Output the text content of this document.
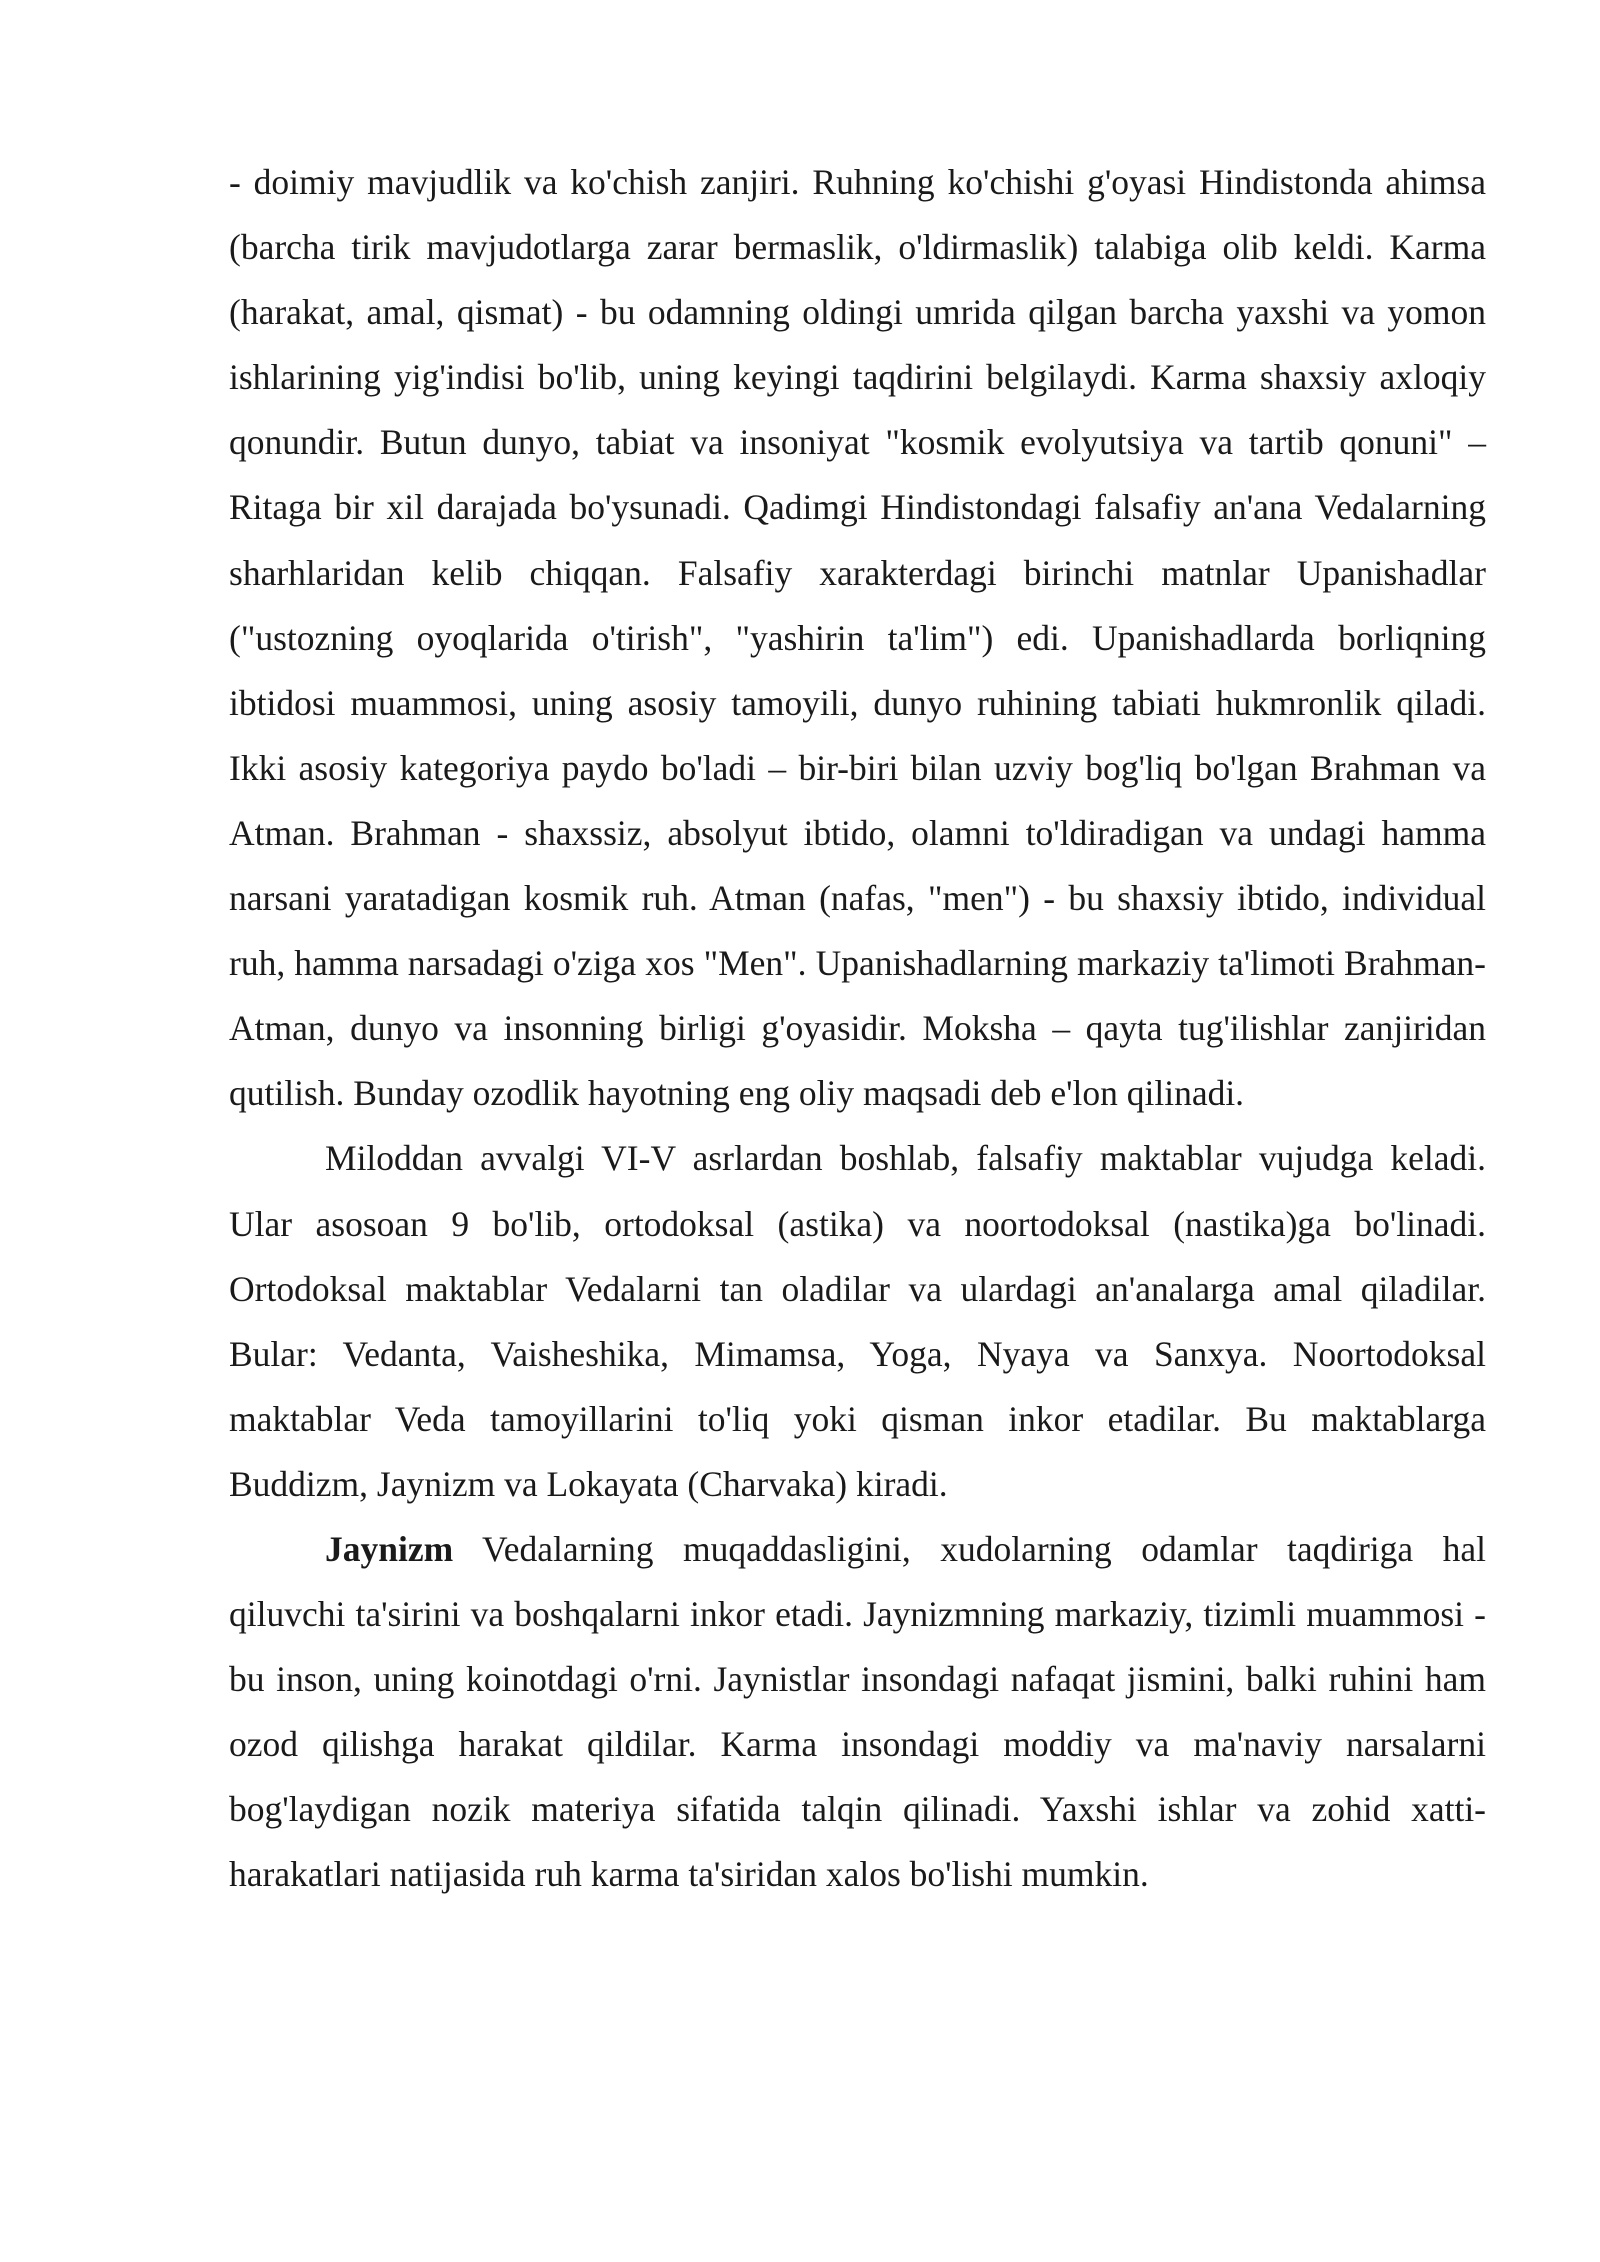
- doimiy mavjudlik va ko'chish zanjiri. Ruhning ko'chishi g'oyasi Hindistonda ahimsa (barcha tirik mavjudotlarga zarar bermaslik, o'ldirmaslik) talabiga olib keldi. Karma (harakat, amal, qismat) - bu odamning oldingi umrida qilgan barcha yaxshi va yomon ishlarining yig'indisi bo'lib, uning keyingi taqdirini belgilaydi. Karma shaxsiy axloqiy qonundir. Butun dunyo, tabiat va insoniyat "kosmik evolyutsiya va tartib qonuni" – Ritaga bir xil darajada bo'ysunadi. Qadimgi Hindistondagi falsafiy an'ana Vedalarning sharhlaridan kelib chiqqan. Falsafiy xarakterdagi birinchi matnlar Upanishadlar ("ustozning oyoqlarida o'tirish", "yashirin ta'lim") edi. Upanishadlarda borliqning ibtidosi muammosi, uning asosiy tamoyili, dunyo ruhining tabiati hukmronlik qiladi. Ikki asosiy kategoriya paydo bo'ladi – bir-biri bilan uzviy bog'liq bo'lgan Brahman va Atman. Brahman - shaxssiz, absolyut ibtido, olamni to'ldiradigan va undagi hamma narsani yaratadigan kosmik ruh. Atman (nafas, "men") - bu shaxsiy ibtido, individual ruh, hamma narsadagi o'ziga xos "Men". Upanishadlarning markaziy ta'limoti Brahman-Atman, dunyo va insonning birligi g'oyasidir. Moksha – qayta tug'ilishlar zanjiridan qutilish. Bunday ozodlik hayotning eng oliy maqsadi deb e'lon qilinadi.

Miloddan avvalgi VI-V asrlardan boshlab, falsafiy maktablar vujudga keladi. Ular asosoan 9 bo'lib, ortodoksal (astika) va noortodoksal (nastika)ga bo'linadi. Ortodoksal maktablar Vedalarni tan oladilar va ulardagi an'analarga amal qiladilar. Bular: Vedanta, Vaisheshika, Mimamsa, Yoga, Nyaya va Sanxya. Noortodoksal maktablar Veda tamoyillarini to'liq yoki qisman inkor etadilar. Bu maktablarga Buddizm, Jaynizm va Lokayata (Charvaka) kiradi.

Jaynizm Vedalarning muqaddasligini, xudolarning odamlar taqdiriga hal qiluvchi ta'sirini va boshqalarni inkor etadi. Jaynizmning markaziy, tizimli muammosi - bu inson, uning koinotdagi o'rni. Jaynistlar insondagi nafaqat jismini, balki ruhini ham ozod qilishga harakat qildilar. Karma insondagi moddiy va ma'naviy narsalarni bog'laydigan nozik materiya sifatida talqin qilinadi. Yaxshi ishlar va zohid xatti-harakatlari natijasida ruh karma ta'siridan xalos bo'lishi mumkin.
